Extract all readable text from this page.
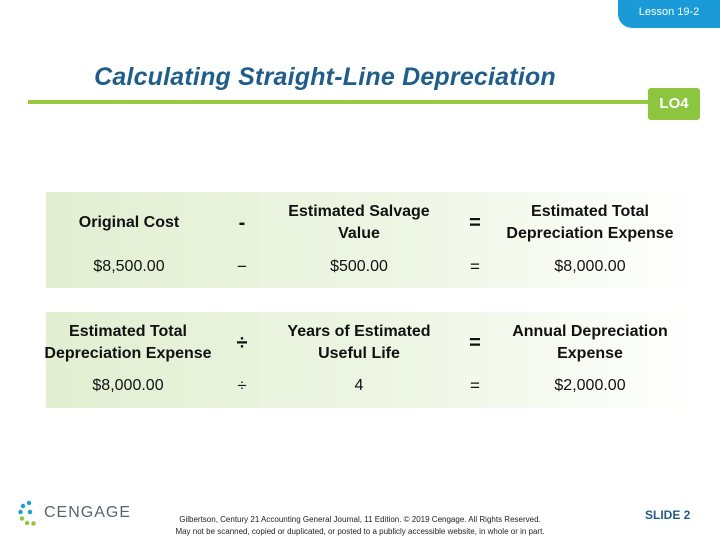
Lesson 19-2
Calculating Straight-Line Depreciation
LO4
Original Cost	-	Estimated Salvage Value	=	Estimated Total Depreciation Expense
$8,500.00	−	$500.00	=	$8,000.00
Estimated Total Depreciation Expense	÷	Years of Estimated Useful Life	=	Annual Depreciation Expense
$8,000.00	÷	4	=	$2,000.00
CENGAGE	Gilbertson, Century 21 Accounting General Journal, 11 Edition. © 2019 Cengage. All Rights Reserved.
May not be scanned, copied or duplicated, or posted to a publicly accessible website, in whole or in part.
SLIDE 2
